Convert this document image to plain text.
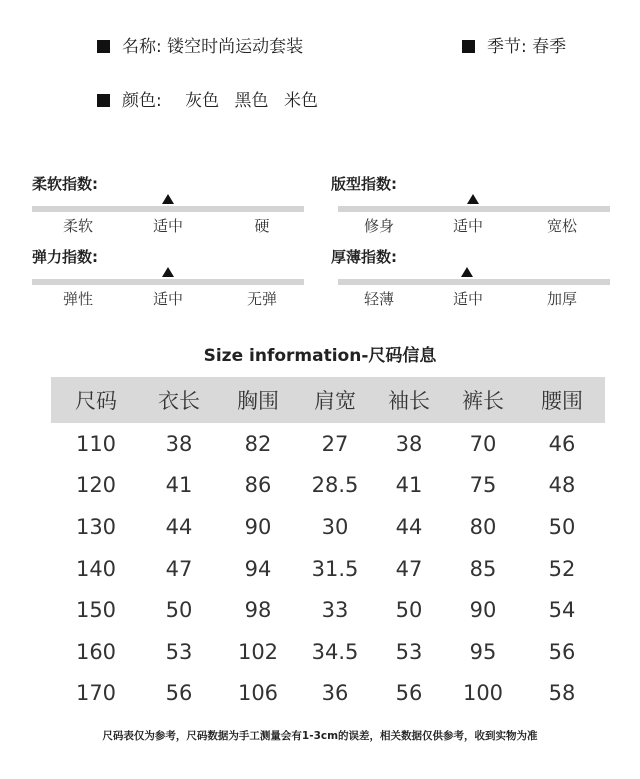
名称: 镂空时尚运动套装	季节: 春季
颜色: 灰色 黑色 米色
柔软指数:
柔软	适中	硬
版型指数:
修身	适中	宽松
弹力指数:
弹性	适中	无弹
厚薄指数:
轻薄	适中	加厚
Size information-尺码信息
尺码	衣长	胸围	肩宽	袖长	裤长	腰围
110	38	82	27	38	70	46
120	41	86	28.5	41	75	48
130	44	90	30	44	80	50
140	47	94	31.5	47	85	52
150	50	98	33	50	90	54
160	53	102	34.5	53	95	56
170	56	106	36	56	100	58
尺码表仅为参考，尺码数据为手工测量会有1-3cm的误差，相关数据仅供参考，收到实物为准
